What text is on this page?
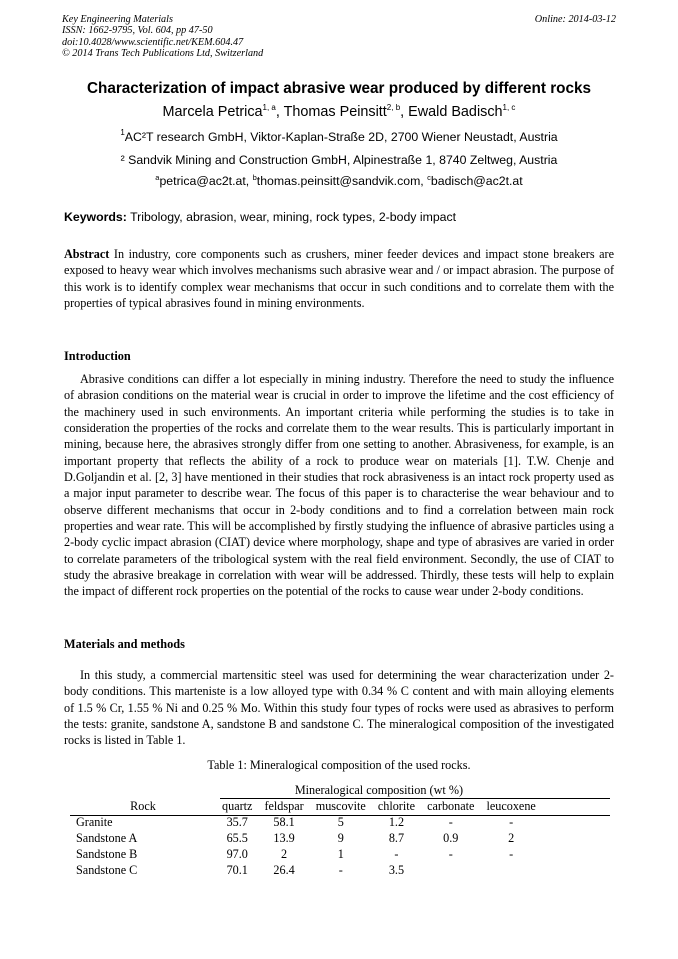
Key Engineering Materials
ISSN: 1662-9795, Vol. 604, pp 47-50
doi:10.4028/www.scientific.net/KEM.604.47
© 2014 Trans Tech Publications Ltd, Switzerland
Online: 2014-03-12
Characterization of impact abrasive wear produced by different rocks
Marcela Petrica$^{1, a}$, Thomas Peinsitt$^{2, b}$, Ewald Badisch$^{1, c}$
$^1$AC²T research GmbH, Viktor-Kaplan-Straße 2D, 2700 Wiener Neustadt, Austria
² Sandvik Mining and Construction GmbH, Alpinestraße 1, 8740 Zeltweg, Austria
$^a$petrica@ac2t.at, $^b$thomas.peinsitt@sandvik.com, $^c$badisch@ac2t.at
Keywords: Tribology, abrasion, wear, mining, rock types, 2-body impact
Abstract In industry, core components such as crushers, miner feeder devices and impact stone breakers are exposed to heavy wear which involves mechanisms such abrasive wear and / or impact abrasion. The purpose of this work is to identify complex wear mechanisms that occur in such conditions and to correlate them with the properties of typical abrasives found in mining environments.
Introduction
Abrasive conditions can differ a lot especially in mining industry. Therefore the need to study the influence of abrasion conditions on the material wear is crucial in order to improve the lifetime and the cost efficiency of the machinery used in such environments. An important criteria while performing the studies is to take in consideration the properties of the rocks and correlate them to the wear results. This is particularly important in mining, because here, the abrasives strongly differ from one setting to another. Abrasiveness, for example, is an important property that reflects the ability of a rock to produce wear on materials [1]. T.W. Chenje and D.Goljandin et al. [2, 3] have mentioned in their studies that rock abrasiveness is an intact rock property used as a major input parameter to describe wear. The focus of this paper is to characterise the wear behaviour and to observe different mechanisms that occur in 2-body conditions and to find a correlation between main rock properties and wear rate. This will be accomplished by firstly studying the influence of abrasive particles using a 2-body cyclic impact abrasion (CIAT) device where morphology, shape and type of abrasives are varied in order to correlate parameters of the tribological system with the real field environment. Secondly, the use of CIAT to study the abrasive breakage in correlation with wear will be addressed. Thirdly, these tests will help to explain the impact of different rock properties on the potential of the rocks to cause wear under 2-body conditions.
Materials and methods
In this study, a commercial martensitic steel was used for determining the wear characterization under 2-body conditions. This marteniste is a low alloyed type with 0.34 % C content and with main alloying elements of 1.5 % Cr, 1.55 % Ni and 0.25 % Mo. Within this study four types of rocks were used as abrasives to perform the tests: granite, sandstone A, sandstone B and sandstone C. The mineralogical composition of the investigated rocks is listed in Table 1.
Table 1: Mineralogical composition of the used rocks.
	Mineralogical composition (wt %)					
Rock	quartz	feldspar	muscovite	chlorite	carbonate	leucoxene
Granite	35.7	58.1	5	1.2	-	-
Sandstone A	65.5	13.9	9	8.7	0.9	2
Sandstone B	97.0	2	1	-	-	-
Sandstone C	70.1	26.4	-	3.5		
